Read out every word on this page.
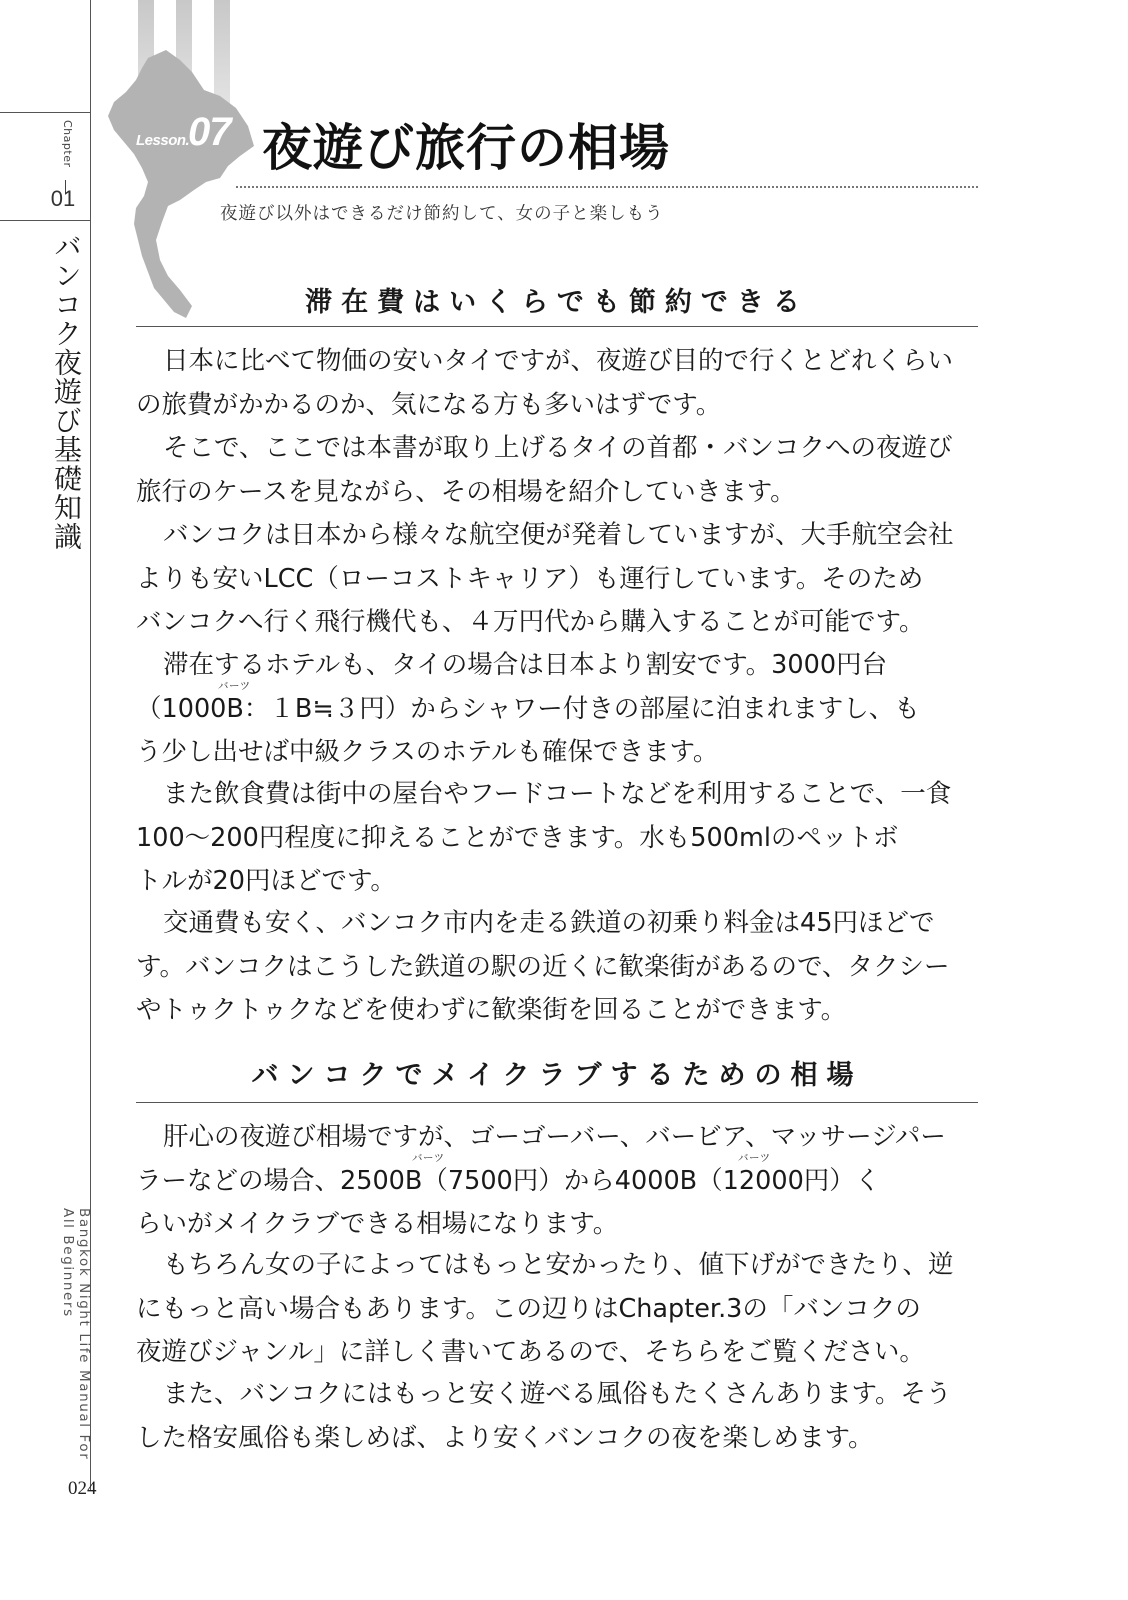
Chapter
01
バンコク夜遊び基礎知識
Bangkok Night Life Manual For All Beginners
Lesson.
07 夜遊び旅行の相場
夜遊び以外はできるだけ節約して、女の子と楽しもう
滞在費はいくらでも節約できる
日本に比べて物価の安いタイですが、夜遊び目的で行くとどれくらい
の旅費がかかるのか、気になる方も多いはずです。
そこで、ここでは本書が取り上げるタイの首都・バンコクへの夜遊び
旅行のケースを見ながら、その相場を紹介していきます。
バンコクは日本から様々な航空便が発着していますが、大手航空会社
よりも安いLCC（ローコストキャリア）も運行しています。そのため
バンコクへ行く飛行機代も、４万円代から購入することが可能です。
滞在するホテルも、タイの場合は日本より割安です。3000円台
（1000B：１B≒３円）からシャワー付きの部屋に泊まれますし、も
う少し出せば中級クラスのホテルも確保できます。
バーツ
また飲食費は街中の屋台やフードコートなどを利用することで、一食
100～200円程度に抑えることができます。水も500mlのペットボ
トルが20円ほどです。
交通費も安く、バンコク市内を走る鉄道の初乗り料金は45円ほどで
す。バンコクはこうした鉄道の駅の近くに歓楽街があるので、タクシー
やトゥクトゥクなどを使わずに歓楽街を回ることができます。
バンコクでメイクラブするための相場
肝心の夜遊び相場ですが、ゴーゴーバー、バービア、マッサージパー
ラーなどの場合、2500B（7500円）から4000B（12000円）く
らいがメイクラブできる相場になります。
バーツ	バーツ
もちろん女の子によってはもっと安かったり、値下げができたり、逆
にもっと高い場合もあります。この辺りはChapter.3の「バンコクの
夜遊びジャンル」に詳しく書いてあるので、そちらをご覧ください。
また、バンコクにはもっと安く遊べる風俗もたくさんあります。そう
した格安風俗も楽しめば、より安くバンコクの夜を楽しめます。
024
